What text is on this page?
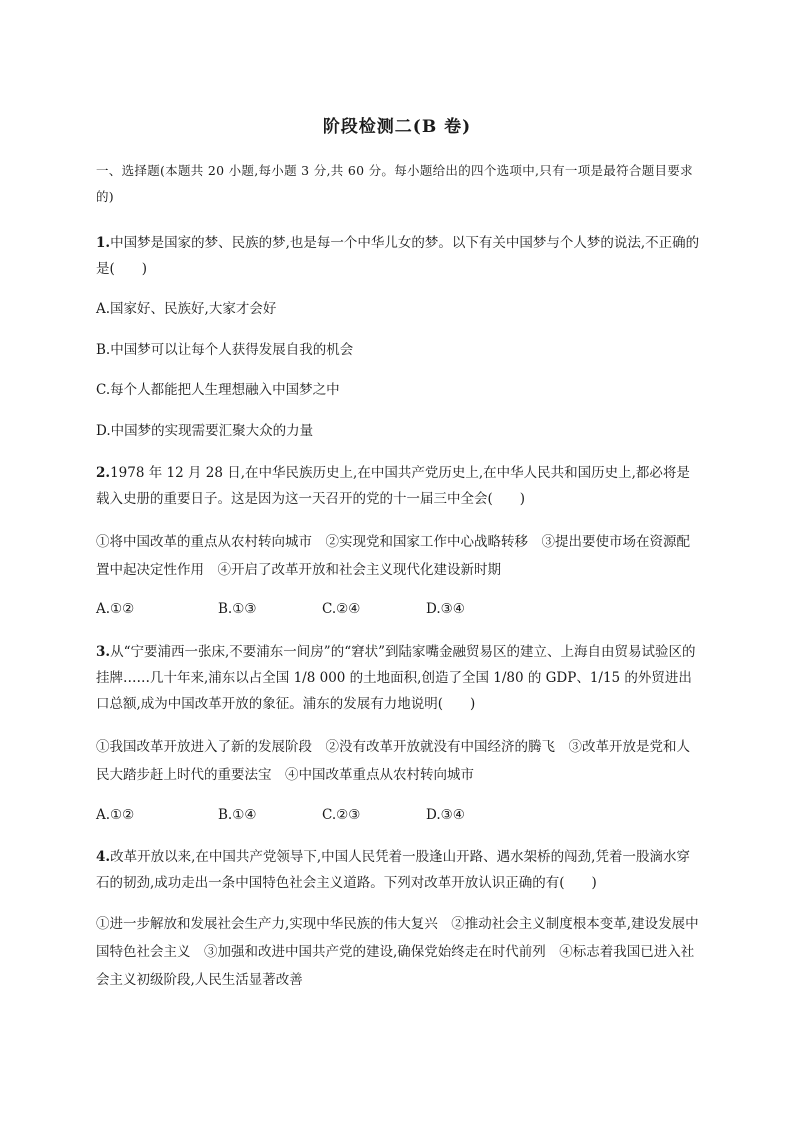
阶段检测二(B 卷)
一、选择题(本题共 20 小题,每小题 3 分,共 60 分。每小题给出的四个选项中,只有一项是最符合题目要求的)
1.中国梦是国家的梦、民族的梦,也是每一个中华儿女的梦。以下有关中国梦与个人梦的说法,不正确的是(　　)
A.国家好、民族好,大家才会好
B.中国梦可以让每个人获得发展自我的机会
C.每个人都能把人生理想融入中国梦之中
D.中国梦的实现需要汇聚大众的力量
2.1978 年 12 月 28 日,在中华民族历史上,在中国共产党历史上,在中华人民共和国历史上,都必将是载入史册的重要日子。这是因为这一天召开的党的十一届三中全会(　　)
①将中国改革的重点从农村转向城市　②实现党和国家工作中心战略转移　③提出要使市场在资源配置中起决定性作用　④开启了改革开放和社会主义现代化建设新时期
A.①②	B.①③	C.②④	D.③④
3.从“宁要浦西一张床,不要浦东一间房”的“窘状”到陆家嘴金融贸易区的建立、上海自由贸易试验区的挂牌……几十年来,浦东以占全国 1/8 000 的土地面积,创造了全国 1/80 的 GDP、1/15 的外贸进出口总额,成为中国改革开放的象征。浦东的发展有力地说明(　　)
①我国改革开放进入了新的发展阶段　②没有改革开放就没有中国经济的腾飞　③改革开放是党和人民大踏步赶上时代的重要法宝　④中国改革重点从农村转向城市
A.①②	B.①④	C.②③	D.③④
4.改革开放以来,在中国共产党领导下,中国人民凭着一股逢山开路、遇水架桥的闯劲,凭着一股滴水穿石的韧劲,成功走出一条中国特色社会主义道路。下列对改革开放认识正确的有(　　)
①进一步解放和发展社会生产力,实现中华民族的伟大复兴　②推动社会主义制度根本变革,建设发展中国特色社会主义　③加强和改进中国共产党的建设,确保党始终走在时代前列　④标志着我国已进入社会主义初级阶段,人民生活显著改善
